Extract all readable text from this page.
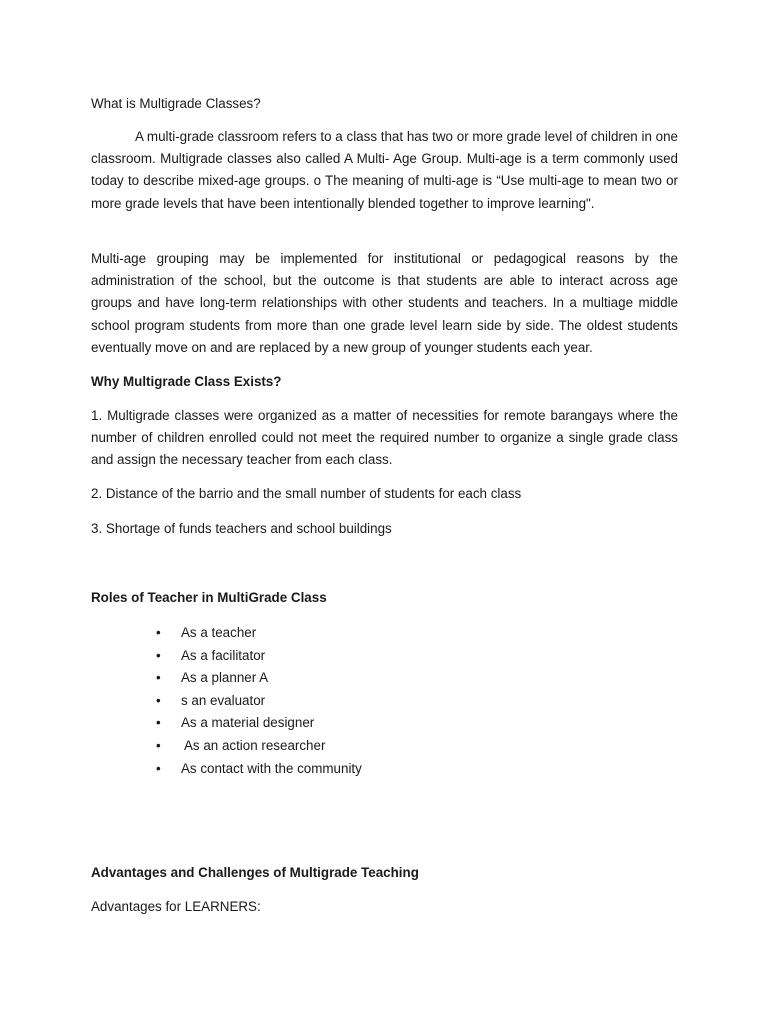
What is Multigrade Classes?

A multi-grade classroom refers to a class that has two or more grade level of children in one classroom. Multigrade classes also called A Multi- Age Group. Multi-age is a term commonly used today to describe mixed-age groups. o The meaning of multi-age is “Use multi-age to mean two or more grade levels that have been intentionally blended together to improve learning".

Multi-age grouping may be implemented for institutional or pedagogical reasons by the administration of the school, but the outcome is that students are able to interact across age groups and have long-term relationships with other students and teachers. In a multiage middle school program students from more than one grade level learn side by side. The oldest students eventually move on and are replaced by a new group of younger students each year.

Why Multigrade Class Exists?

1. Multigrade classes were organized as a matter of necessities for remote barangays where the number of children enrolled could not meet the required number to organize a single grade class and assign the necessary teacher from each class.

2. Distance of the barrio and the small number of students for each class

3. Shortage of funds teachers and school buildings

Roles of Teacher in MultiGrade Class

• As a teacher
• As a facilitator
• As a planner A
• s an evaluator
• As a material designer
• As an action researcher
• As contact with the community

Advantages and Challenges of Multigrade Teaching

Advantages for LEARNERS:
